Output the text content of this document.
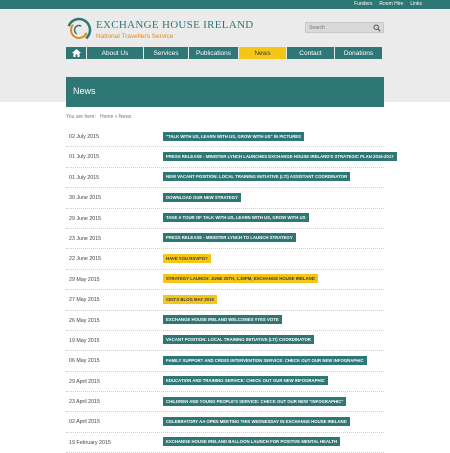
Funders Room Hire Links
EXCHANGE HOUSE IRELAND
National Travellers Service
Search
About Us	Services	Publications	News	Contact	Donations
News
You are here: Home » News
02 July 2015	"TALK WITH US, LEARN WITH US, GROW WITH US" IN PICTURES
01 July 2015	PRESS RELEASE - MINISTER LYNCH LAUNCHES EXCHANGE HOUSE IRELAND'S STRATEGIC PLAN 2015-2017
01 July 2015	NEW VACANT POSITION: LOCAL TRAINING INITIATIVE (LTI) ASSISTANT COORDINATOR
30 June 2015	DOWNLOAD OUR NEW STRATEGY
29 June 2015	TAKE A TOUR OF TALK WITH US, LEARN WITH US, GROW WITH US
23 June 2015	PRESS RELEASE - MINISTER LYNCH TO LAUNCH STRATEGY
22 June 2015	HAVE YOU RSVP'D?
29 May 2015	STRATEGY LAUNCH: JUNE 25TH, 1.30PM, EXCHANGE HOUSE IRELAND
27 May 2015	CEO'S BLOG MAY 2015
26 May 2015	EXCHANGE HOUSE IRELAND WELCOMES #YES VOTE
19 May 2015	VACANT POSITION: LOCAL TRAINING INITIATIVE (LTI) COORDINATOR
06 May 2015	FAMILY SUPPORT AND CRISIS INTERVENTION SERVICE: CHECK OUT OUR NEW INFOGRAPHIC
29 April 2015	EDUCATION AND TRAINING SERVICE: CHECK OUT OUR NEW INFOGRAPHIC
23 April 2015	CHILDREN AND YOUNG PEOPLE'S SERVICE: CHECK OUT OUR NEW "INFOGRAPHIC"
02 April 2015	CELEBRATORY AA OPEN MEETING THIS WEDNESDAY IN EXCHANGE HOUSE IRELAND
19 February 2015	EXCHANGE HOUSE IRELAND BALLOON LAUNCH FOR POSITIVE MENTAL HEALTH
